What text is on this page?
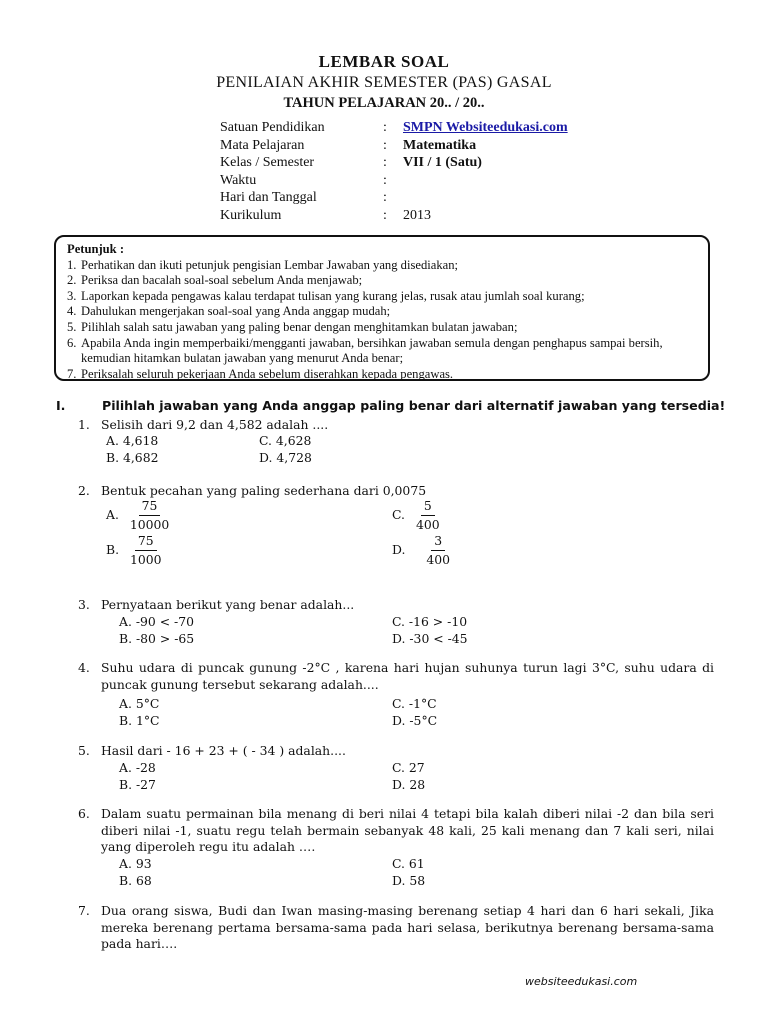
LEMBAR SOAL
PENILAIAN AKHIR SEMESTER (PAS) GASAL
TAHUN PELAJARAN 20.. / 20..
Satuan Pendidikan	: SMPN Websiteedukasi.com
Mata Pelajaran	: Matematika
Kelas / Semester	: VII / 1 (Satu)
Waktu	:
Hari dan Tanggal	:
Kurikulum	: 2013
Petunjuk :
1. Perhatikan dan ikuti petunjuk pengisian Lembar Jawaban yang disediakan;
2. Periksa dan bacalah soal-soal sebelum Anda menjawab;
3. Laporkan kepada pengawas kalau terdapat tulisan yang kurang jelas, rusak atau jumlah soal kurang;
4. Dahulukan mengerjakan soal-soal yang Anda anggap mudah;
5. Pilihlah salah satu jawaban yang paling benar dengan menghitamkan bulatan jawaban;
6. Apabila Anda ingin memperbaiki/mengganti jawaban, bersihkan jawaban semula dengan penghapus sampai bersih, kemudian hitamkan bulatan jawaban yang menurut Anda benar;
7. Periksalah seluruh pekerjaan Anda sebelum diserahkan kepada pengawas.
I.	Pilihlah jawaban yang Anda anggap paling benar dari alternatif jawaban yang tersedia!
1. Selisih dari 9,2 dan 4,582 adalah ....
A. 4,618	C. 4,628
B. 4,682	D. 4,728
2. Bentuk pecahan yang paling sederhana dari 0,0075
A. $\frac{75}{10000}$	C. $\frac{5}{400}$
B. $\frac{75}{1000}$	D. $\frac{3}{400}$
3. Pernyataan berikut yang benar adalah...
A. -90 < -70	C. -16 > -10
B. -80 > -65	D. -30 < -45
4. Suhu udara di puncak gunung -2°C , karena hari hujan suhunya turun lagi 3°C, suhu udara di puncak gunung tersebut sekarang adalah....
A. 5°C	C. -1°C
B. 1°C	D. -5°C
5. Hasil dari - 16 + 23 + ( - 34 ) adalah....
A. -28	C. 27
B. -27	D. 28
6. Dalam suatu permainan bila menang di beri nilai 4 tetapi bila kalah diberi nilai -2 dan bila seri diberi nilai -1, suatu regu telah bermain sebanyak 48 kali, 25 kali menang dan 7 kali seri, nilai yang diperoleh regu itu adalah ….
A. 93	C. 61
B. 68	D. 58
7. Dua orang siswa, Budi dan Iwan masing-masing berenang setiap 4 hari dan 6 hari sekali, Jika mereka berenang pertama bersama-sama pada hari selasa, berikutnya berenang bersama-sama pada hari….
websiteedukasi.com
